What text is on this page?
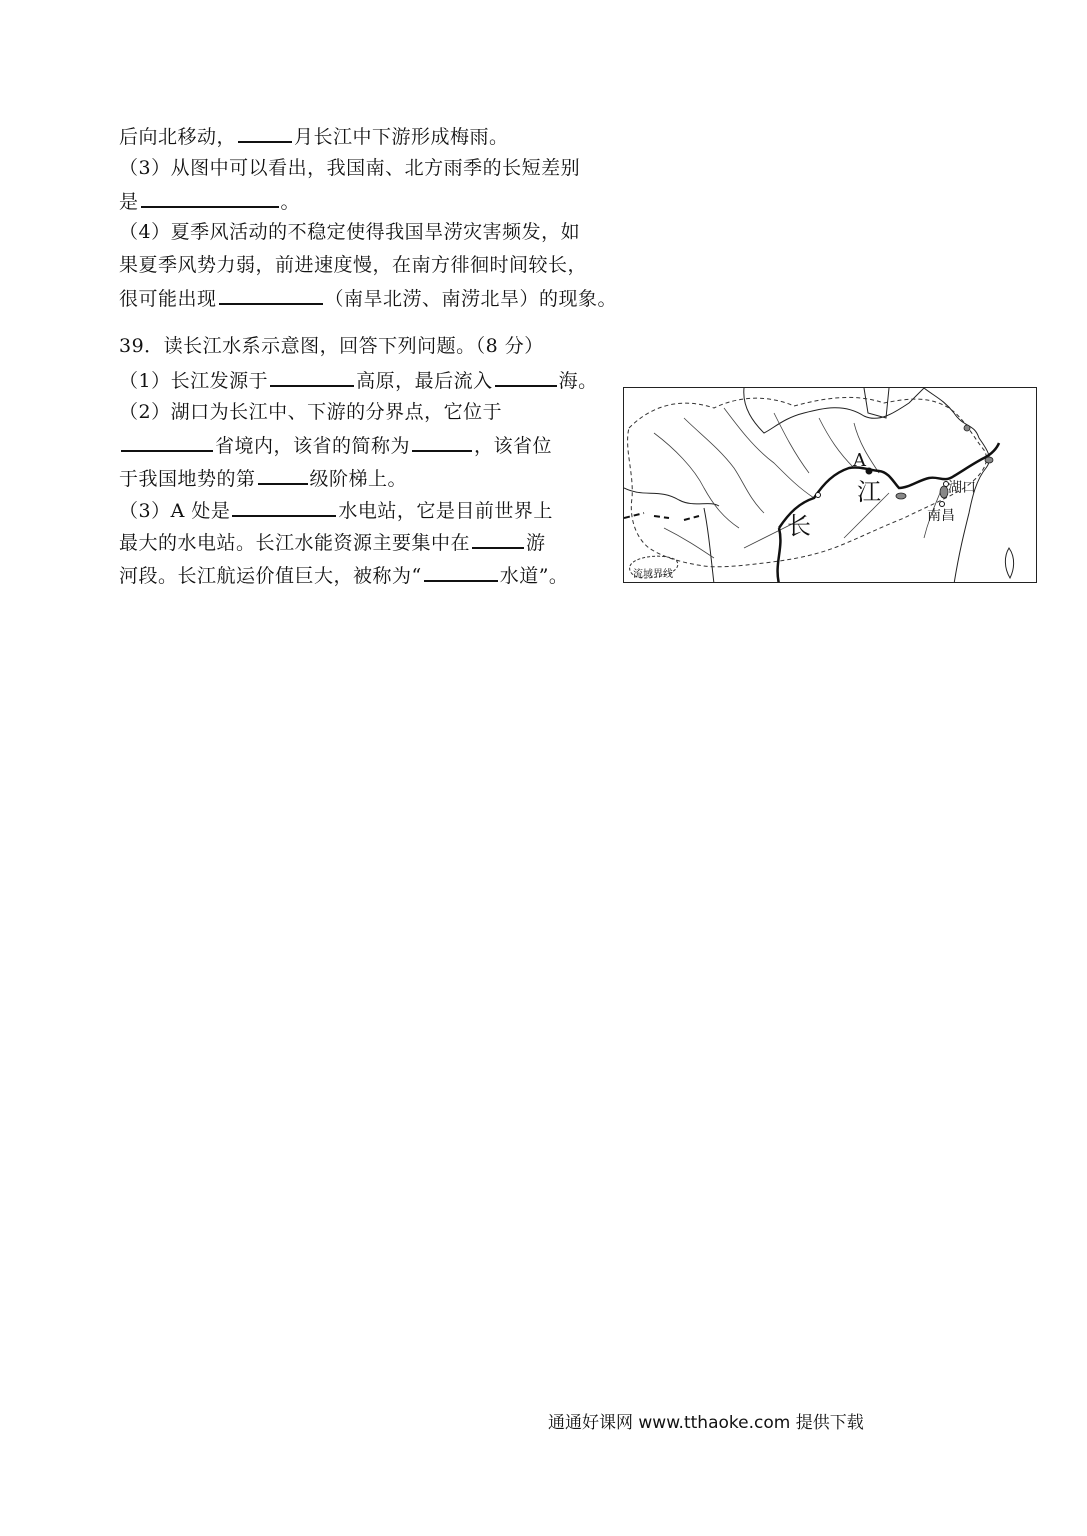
后向北移动，	月长江中下游形成梅雨。
（3）从图中可以看出，我国南、北方雨季的长短差别
是	。
（4）夏季风活动的不稳定使得我国旱涝灾害频发，如
果夏季风势力弱，前进速度慢，在南方徘徊时间较长，
很可能出现	（南旱北涝、南涝北旱）的现象。
39．读长江水系示意图，回答下列问题。（8 分）
（1）长江发源于	高原，最后流入	海。
（2）湖口为长江中、下游的分界点，它位于
省境内，该省的简称为	，该省位
于我国地势的第	级阶梯上。
（3）A 处是	水电站，它是目前世界上
最大的水电站。长江水能资源主要集中在	游
河段。长江航运价值巨大，被称为“	水道”。
A
江
长
湖口
南昌
流域界线
通通好课网 www.tthaoke.com 提供下载
